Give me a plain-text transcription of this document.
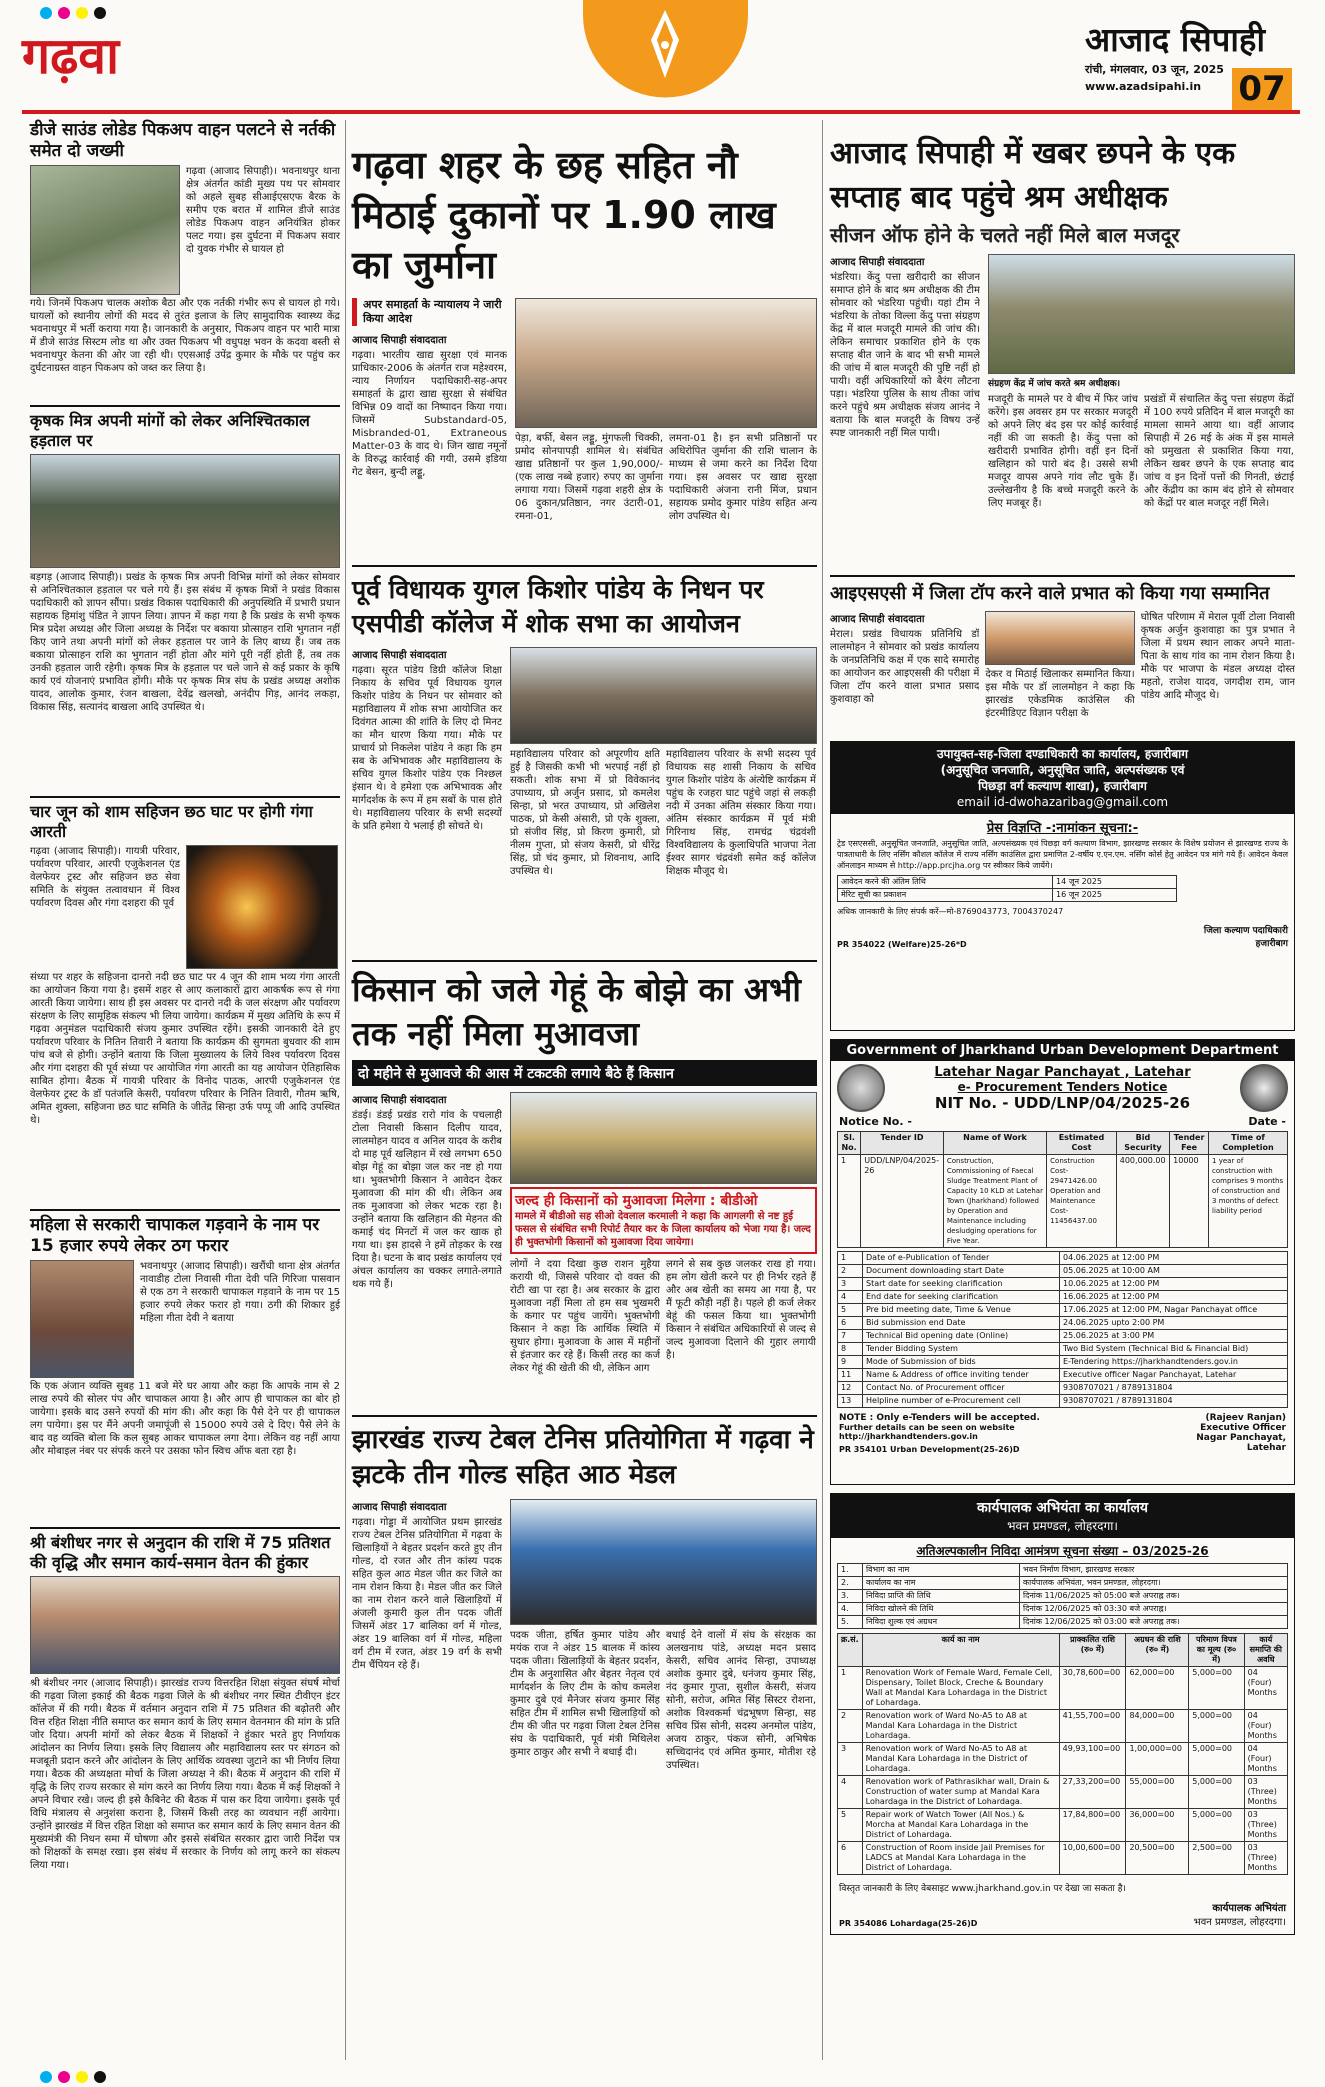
गढ़वा	आजाद सिपाही
रांची, मंगलवार, 03 जून, 2025
www.azadsipahi.in 07
डीजे साउंड लोडेड पिकअप वाहन पलटने से नर्तकी समेत दो जख्मी
गढ़वा (आजाद सिपाही)। भवनाथपुर थाना क्षेत्र अंतर्गत कांडी मुख्य पथ पर सोमवार को अहले सुबह सीआईएसएफ बैरक के समीप एक बरात में शामिल डीजे साउंड लोडेड पिकअप वाहन अनियंत्रित होकर पलट गया। इस दुर्घटना में पिकअप सवार दो युवक गंभीर से घायल हो
गये। जिनमें पिकअप चालक अशोक बैठा और एक नर्तकी गंभीर रूप से घायल हो गये। घायलों को स्थानीय लोगों की मदद से तुरंत इलाज के लिए सामुदायिक स्वास्थ्य केंद्र भवनाथपुर में भर्ती कराया गया है। जानकारी के अनुसार, पिकअप वाहन पर भारी मात्रा में डीजे साउंड सिस्टम लोड था और उक्त पिकअप भी वधुपक्ष भवन के कदवा बस्ती से भवनाथपुर केतना की ओर जा रही थी। एएसआई उपेंद्र कुमार के मौके पर पहुंच कर दुर्घटनाग्रस्त वाहन पिकअप को जब्त कर लिया है।
कृषक मित्र अपनी मांगों को लेकर अनिश्चितकाल हड़ताल पर
बड़गड़ (आजाद सिपाही)। प्रखंड के कृषक मित्र अपनी विभिन्न मांगों को लेकर सोमवार से अनिश्चितकाल हड़ताल पर चले गये हैं। इस संबंध में कृषक मित्रों ने प्रखंड विकास पदाधिकारी को ज्ञापन सौंपा। प्रखंड विकास पदाधिकारी की अनुपस्थिति में प्रभारी प्रधान सहायक हिमांशु पंडित ने ज्ञापन लिया। ज्ञापन में कहा गया है कि प्रखंड के सभी कृषक मित्र प्रदेश अध्यक्ष और जिला अध्यक्ष के निर्देश पर बकाया प्रोत्साहन राशि भुगतान नहीं किए जाने तथा अपनी मांगों को लेकर हड़ताल पर जाने के लिए बाध्य हैं। जब तक बकाया प्रोत्साहन राशि का भुगतान नहीं होता और मांगे पूरी नहीं होती हैं, तब तक उनकी हड़ताल जारी रहेगी। कृषक मित्र के हड़ताल पर चले जाने से कई प्रकार के कृषि कार्य एवं योजनाएं प्रभावित होंगी। मौके पर कृषक मित्र संघ के प्रखंड अध्यक्ष अशोक यादव, आलोक कुमार, रंजन बाखला, देवेंद्र खलखो, अनंदीप गिड़, आनंद लकड़ा, विकास सिंह, सत्यानंद बाखला आदि उपस्थित थे।
चार जून को शाम सहिजन छठ घाट पर होगी गंगा आरती
गढ़वा (आजाद सिपाही)। गायत्री परिवार, पर्यावरण परिवार, आरपी एजुकेशनल एंड वेलफेयर ट्रस्ट और सहिजन छठ सेवा समिति के संयुक्त तत्वावधान में विश्व पर्यावरण दिवस और गंगा दशहरा की पूर्व
संध्या पर शहर के सहिजना दानरो नदी छठ घाट पर 4 जून की शाम भव्य गंगा आरती का आयोजन किया गया है। इसमें शहर से आए कलाकारों द्वारा आकर्षक रूप से गंगा आरती किया जायेगा। साथ ही इस अवसर पर दानरो नदी के जल संरक्षण और पर्यावरण संरक्षण के लिए सामूहिक संकल्प भी लिया जायेगा। कार्यक्रम में मुख्य अतिथि के रूप में गढ़वा अनुमंडल पदाधिकारी संजय कुमार उपस्थित रहेंगे। इसकी जानकारी देते हुए पर्यावरण परिवार के नितिन तिवारी ने बताया कि कार्यक्रम की सुगमता बुधवार की शाम पांच बजे से होगी। उन्होंने बताया कि जिला मुख्यालय के लिये विश्व पर्यावरण दिवस और गंगा दशहरा की पूर्व संध्या पर आयोजित गंगा आरती का यह आयोजन ऐतिहासिक साबित होगा। बैठक में गायत्री परिवार के विनोद पाठक, आरपी एजुकेशनल एंड वेलफेयर ट्रस्ट के डॉ पतंजलि केसरी, पर्यावरण परिवार के नितिन तिवारी, गौतम ऋषि, अमित शुक्ला, सहिजना छठ घाट समिति के जीतेंद्र सिन्हा उर्फ पप्पू जी आदि उपस्थित थे।
महिला से सरकारी चापाकल गड़वाने के नाम पर 15 हजार रुपये लेकर ठग फरार
भवनाथपुर (आजाद सिपाही)। खरौंधी थाना क्षेत्र अंतर्गत नावाडीह टोला निवासी गीता देवी पति गिरिजा पासवान से एक ठग ने सरकारी चापाकल गड़वाने के नाम पर 15 हजार रुपये लेकर फरार हो गया। ठगी की शिकार हुई महिला गीता देवी ने बताया
कि एक अंजान व्यक्ति सुबह 11 बजे मेरे घर आया और कहा कि आपके नाम से 2 लाख रुपये की सोलर पंप और चापाकल आया है। और आप ही चापाकल का बोर हो जायेगा। इसके बाद उसने रुपयों की मांग की। और कहा कि पैसे देने पर ही चापाकल लग पायेगा। इस पर मैंने अपनी जमापूंजी से 15000 रुपये उसे दे दिए। पैसे लेने के बाद वह व्यक्ति बोला कि कल सुबह आकर चापाकल लगा देगा। लेकिन वह नहीं आया और मोबाइल नंबर पर संपर्क करने पर उसका फोन स्विच ऑफ बता रहा है।
श्री बंशीधर नगर से अनुदान की राशि में 75 प्रतिशत की वृद्धि और समान कार्य-समान वेतन की हुंकार
श्री बंशीधर नगर (आजाद सिपाही)। झारखंड राज्य वित्तरहित शिक्षा संयुक्त संघर्ष मोर्चा की गढ़वा जिला इकाई की बैठक गढ़वा जिले के श्री बंशीधर नगर स्थित टीवीएन इंटर कॉलेज में की गयी। बैठक में वर्तमान अनुदान राशि में 75 प्रतिशत की बढ़ोतरी और वित्त रहित शिक्षा नीति समाप्त कर समान कार्य के लिए समान वेतनमान की मांग के प्रति जोर दिया। अपनी मांगों को लेकर बैठक में शिक्षकों ने हुंकार भरते हुए निर्णायक आंदोलन का निर्णय लिया। इसके लिए विद्यालय और महाविद्यालय स्तर पर संगठन को मजबूती प्रदान करने और आंदोलन के लिए आर्थिक व्यवस्था जुटाने का भी निर्णय लिया गया। बैठक की अध्यक्षता मोर्चा के जिला अध्यक्ष ने की। बैठक में अनुदान की राशि में वृद्धि के लिए राज्य सरकार से मांग करने का निर्णय लिया गया। बैठक में कई शिक्षकों ने अपने विचार रखे। जल्द ही इसे कैबिनेट की बैठक में पास कर दिया जायेगा। इसके पूर्व विधि मंत्रालय से अनुशंसा कराना है, जिसमें किसी तरह का व्यवधान नहीं आयेगा। उन्होंने झारखंड में वित्त रहित शिक्षा को समाप्त कर समान कार्य के लिए समान वेतन की मुख्यमंत्री की निधन समा में घोषणा और इससे संबंधित सरकार द्वारा जारी निर्देश पत्र को शिक्षकों के समक्ष रखा। इस संबंध में सरकार के निर्णय को लागू करने का संकल्प लिया गया।
गढ़वा शहर के छह सहित नौ मिठाई दुकानों पर 1.90 लाख का जुर्माना
अपर समाहर्ता के न्यायालय ने जारी किया आदेश
आजाद सिपाही संवाददाता
गढ़वा। भारतीय खाद्य सुरक्षा एवं मानक प्राधिकार-2006 के अंतर्गत राज महेश्वरम, न्याय निर्णायन पदाधिकारी-सह-अपर समाहर्ता के द्वारा खाद्य सुरक्षा से संबंधित विभिन्न 09 वादों का निष्पादन किया गया। जिसमें Substandard-05, Misbranded-01, Extraneous Matter-03 के वाद थे। जिन खाद्य नमूनों के विरुद्ध कार्रवाई की गयी, उसमे इडिया गेट बेसन, बुन्दी लड्डू,
पेड़ा, बर्फी, बेसन लड्डू, मुंगफली चिक्की, प्रमोद सोनपापड़ी शामिल थे। संबंधित खाद्य प्रतिष्ठानों पर कुल 1,90,000/- (एक लाख नब्बे हजार) रुपए का जुर्माना लगाया गया। जिसमें गढ़वा शहरी क्षेत्र के 06 दुकान/प्रतिष्ठान, नगर उंटारी-01, रमना-01,
लमना-01 है। इन सभी प्रतिष्ठानों पर अधिरोपित जुर्माना की राशि चालान के माध्यम से जमा करने का निर्देश दिया गया। इस अवसर पर खाद्य सुरक्षा पदाधिकारी अंजना रानी मिंज, प्रधान सहायक प्रमोद कुमार पांडेय सहित अन्य लोग उपस्थित थे।
पूर्व विधायक युगल किशोर पांडेय के निधन पर एसपीडी कॉलेज में शोक सभा का आयोजन
आजाद सिपाही संवाददाता
गढ़वा। सूरत पांडेय डिग्री कॉलेज शिक्षा निकाय के सचिव पूर्व विधायक युगल किशोर पांडेय के निधन पर सोमवार को महाविद्यालय में शोक सभा आयोजित कर दिवंगत आत्मा की शांति के लिए दो मिनट का मौन धारण किया गया। मौके पर प्राचार्य प्रो निकलेश पांडेय ने कहा कि हम सब के अभिभावक और महाविद्यालय के सचिव युगल किशोर पांडेय एक निश्छल इंसान थे। वे हमेशा एक अभिभावक और मार्गदर्शक के रूप में हम सबों के पास होते थे। महाविद्यालय परिवार के सभी सदस्यों के प्रति हमेशा ये भलाई ही सोचते थे।
महाविद्यालय परिवार को अपूरणीय क्षति हुई है जिसकी कभी भी भरपाई नहीं हो सकती। शोक सभा में प्रो विवेकानंद उपाध्याय, प्रो अर्जुन प्रसाद, प्रो कमलेश सिन्हा, प्रो भरत उपाध्याय, प्रो अखिलेश पाठक, प्रो केसी अंसारी, प्रो एके शुक्ला, प्रो संजीव सिंह, प्रो किरण कुमारी, प्रो नीलम गुप्ता, प्रो संजय केसरी, प्रो धीरेंद्र सिंह, प्रो चंद कुमार, प्रो शिवनाथ, आदि उपस्थित थे।
महाविद्यालय परिवार के सभी सदस्य पूर्व विधायक सह शासी निकाय के सचिव युगल किशोर पांडेय के अंत्येष्टि कार्यक्रम में पहुंच के रजहरा घाट पहुंचे जहां से लकड़ी नदी में उनका अंतिम संस्कार किया गया। अंतिम संस्कार कार्यक्रम में पूर्व मंत्री गिरिनाथ सिंह, रामचंद्र चंद्रवंशी विश्वविद्यालय के कुलाधिपति भाजपा नेता ईश्वर सागर चंद्रवंशी समेत कई कॉलेज शिक्षक मौजूद थे।
किसान को जले गेहूं के बोझे का अभी तक नहीं मिला मुआवजा
दो महीने से मुआवजे की आस में टकटकी लगाये बैठे हैं किसान
आजाद सिपाही संवाददाता
डंडई। डंडई प्रखंड रारो गांव के पचलाही टोला निवासी किसान दिलीप यादव, लालमोहन यादव व अनिल यादव के करीब दो माह पूर्व खलिहान में रखे लगभग 650 बोझ गेहूं का बोझा जल कर नष्ट हो गया था। भुक्तभोगी किसान ने आवेदन देकर मुआवजा की मांग की थी। लेकिन अब तक मुआवजा को लेकर भटक रहा है। उन्होंने बताया कि खलिहान की मेहनत की कमाई चंद मिनटों में जल कर खाक हो गया था। इस हादसे ने हमें तोड़कर के रख दिया है। घटना के बाद प्रखंड कार्यालय एवं अंचल कार्यालय का चक्कर लगाते-लगाते थक गये हैं।
जल्द ही किसानों को मुआवजा मिलेगा : बीडीओ
मामले में बीडीओ सह सीओ देवलाल करमाली ने कहा कि आगलगी से नष्ट हुई फसल से संबंधित सभी रिपोर्ट तैयार कर के जिला कार्यालय को भेजा गया है। जल्द ही भुक्तभोगी किसानों को मुआवजा दिया जायेगा।
लोगों ने दया दिखा कुछ राशन मुहैया करायी थी, जिससे परिवार दो वक्त की रोटी खा पा रहा है। अब सरकार के द्वारा मुआवजा नहीं मिला तो हम सब भुखमरी के कगार पर पहुंच जायेंगे। भुक्तभोगी किसान ने कहा कि आर्थिक स्थिति में सुधार होगा। मुआवजा के आस में महीनों से इंतजार कर रहे हैं। किसी तरह का कर्ज लेकर गेहूं की खेती की थी, लेकिन आग
लगने से सब कुछ जलकर राख हो गया। हम लोग खेती करने पर ही निर्भर रहते हैं और अब खेती का समय आ गया है, पर मैं फूटी कौड़ी नहीं है। पहले ही कर्ज लेकर बेहूं की फसल किया था। भुक्तभोगी किसान ने संबंधित अधिकारियों से जल्द से जल्द मुआवजा दिलाने की गुहार लगायी है।
झारखंड राज्य टेबल टेनिस प्रतियोगिता में गढ़वा ने झटके तीन गोल्ड सहित आठ मेडल
आजाद सिपाही संवाददाता
गढ़वा। गोड्डा में आयोजित प्रथम झारखंड राज्य टेबल टेनिस प्रतियोगिता में गढ़वा के खिलाड़ियों ने बेहतर प्रदर्शन करते हुए तीन गोल्ड, दो रजत और तीन कांस्य पदक सहित कुल आठ मेडल जीत कर जिले का नाम रोशन किया है। मेडल जीत कर जिले का नाम रोशन करने वाले खिलाड़ियों में अंजली कुमारी कुल तीन पदक जीतीं जिसमें अंडर 17 बालिका वर्ग में गोल्ड, अंडर 19 बालिका वर्ग में गोल्ड, महिला वर्ग टीम में रजत, अंडर 19 वर्ग के सभी टीम चैंपियन रहे हैं।
पदक जीता, हर्षित कुमार पांडेय और मयंक राज ने अंडर 15 बालक में कांस्य पदक जीता। खिलाड़ियों के बेहतर प्रदर्शन, टीम के अनुशासित और बेहतर नेतृत्व एवं मार्गदर्शन के लिए टीम के कोच कमलेश कुमार दुबे एवं मैनेजर संजय कुमार सिंह सहित टीम में शामिल सभी खिलाड़ियों को टीम की जीत पर गढ़वा जिला टेबल टेनिस संघ के पदाधिकारी, पूर्व मंत्री मिथिलेश कुमार ठाकुर और सभी ने बधाई दी।
बधाई देने वालों में संघ के संरक्षक का अलखनाथ पांडे, अध्यक्ष मदन प्रसाद केसरी, सचिव आनंद सिन्हा, उपाध्यक्ष अशोक कुमार दुबे, धनंजय कुमार सिंह, नंद कुमार गुप्ता, सुशील केसरी, संजय सोनी, सरोज, अमित सिंह सिस्टर रोशना, अशोक विश्वकर्मा चंद्रभूषण सिन्हा, सह सचिव प्रिंस सोनी, सदस्य अनमोल पांडेय, अजय ठाकुर, पंकज सोनी, अभिषेक सच्चिदानंद एवं अमित कुमार, मोतीश रहे उपस्थित।
आजाद सिपाही में खबर छपने के एक सप्ताह बाद पहुंचे श्रम अधीक्षक
सीजन ऑफ होने के चलते नहीं मिले बाल मजदूर
आजाद सिपाही संवाददाता
भंडरिया। केंदु पत्ता खरीदारी का सीजन समाप्त होने के बाद श्रम अधीक्षक की टीम सोमवार को भंडरिया पहुंची। यहां टीम ने भंडरिया के तोका विल्ला केंदु पत्ता संग्रहण केंद्र में बाल मजदूरी मामले की जांच की। लेकिन समाचार प्रकाशित होने के एक सप्ताह बीत जाने के बाद भी सभी मामले की जांच में बाल मजदूरी की पुष्टि नहीं हो पायी। वहीं अधिकारियों को बैरंग लौटना पड़ा। भंडरिया पुलिस के साथ तीका जांच करने पहुंचे श्रम अधीक्षक संजय आनंद ने बताया कि बाल मजदूरी के विषय उन्हें स्पष्ट जानकारी नहीं मिल पायी।
संग्रहण केंद्र में जांच करते श्रम अधीक्षक।
मजदूरी के मामले पर वे बीच में फिर जांच करेंगे। इस अवसर हम पर सरकार मजदूरी को अपने लिए बंद इस पर कोई कार्रवाई नहीं की जा सकती है। केंदु पत्ता को खरीदारी प्रभावित होगी। वहीं इन दिनों खलिहान को पारो बंद है। उससे सभी मजदूर वापस अपने गांव लौट चुके हैं। उल्लेखनीय है कि बच्चे मजदूरी करने के लिए मजबूर हैं।
प्रखंडों में संचालित केंदु पत्ता संग्रहण केंद्रों में 100 रुपये प्रतिदिन में बाल मजदूरी का मामला सामने आया था। वहीं आजाद सिपाही में 26 मई के अंक में इस मामले को प्रमुखता से प्रकाशित किया गया, लेकिन खबर छपने के एक सप्ताह बाद जांच व इन दिनों पत्तों की गिनती, छंटाई और केंद्रीय का काम बंद होने से सोमवार को केंद्रों पर बाल मजदूर नहीं मिले।
आइएसएसी में जिला टॉप करने वाले प्रभात को किया गया सम्मानित
आजाद सिपाही संवाददाता
मेराल। प्रखंड विधायक प्रतिनिधि डॉ लालमोहन ने सोमवार को प्रखंड कार्यालय के जनप्रतिनिधि कक्ष में एक सादे समारोह का आयोजन कर आइएससी की परीक्षा में जिला टॉप करने वाला प्रभात प्रसाद कुशवाहा को
देकर व मिठाई खिलाकर सम्मानित किया। इस मौके पर डॉ लालमोहन ने कहा कि झारखंड एकेडमिक काउंसिल की इंटरमीडिएट विज्ञान परीक्षा के
घोषित परिणाम में मेराल पूर्वी टोला निवासी कृषक अर्जुन कुशवाहा का पुत्र प्रभात ने जिला में प्रथम स्थान लाकर अपने माता-पिता के साथ गांव का नाम रोशन किया है। मौके पर भाजपा के मंडल अध्यक्ष दोस्त महतो, राजेश यादव, जगदीश राम, जान पांडेय आदि मौजूद थे।
उपायुक्त-सह-जिला दण्डाधिकारी का कार्यालय, हजारीबाग
(अनुसूचित जनजाति, अनुसूचित जाति, अल्पसंख्यक एवं
पिछड़ा वर्ग कल्याण शाखा), हजारीबाग
email id-dwohazaribag@gmail.com
प्रेस विज्ञप्ति -:नामांकन सूचना:-
ट्रेड एसएससी, अनुसूचित जनजाति, अनुसूचित जाति, अल्पसंख्यक एवं पिछड़ा वर्ग कल्याण विभाग, झारखण्ड सरकार के विशेष प्रयोजन से झारखण्ड राज्य के पात्रताधारी के लिए नर्सिंग कौशल कॉलेज में राज्य नर्सिंग काउंसिल द्वारा प्रमाणित 2-वर्षीय ए.एन.एम. नर्सिंग कोर्स हेतु आवेदन पत्र मांगे गये हैं। आवेदन केवल ऑनलाइन माध्यम से http://app.prcjha.org पर स्वीकार किये जायेंगे।
आवेदन करने की अंतिम तिथि	14 जून 2025
मेरिट सूची का प्रकाशन	16 जून 2025
अधिक जानकारी के लिए संपर्क करें—मो-8769043773, 7004370247
PR 354022 (Welfare)25-26*D
जिला कल्याण पदाधिकारी
हजारीबाग
Government of Jharkhand Urban Development Department
Latehar Nagar Panchayat , Latehar
e- Procurement Tenders Notice
NIT No. - UDD/LNP/04/2025-26
Notice No. -	Date -
Sl. No.	Tender ID	Name of Work	Estimated Cost	Bid Security	Tender Fee	Time of Completion
1	UDD/LNP/04/2025-26	Construction, Commissioning of Faecal Sludge Treatment Plant of Capacity 10 KLD at Latehar Town (Jharkhand) followed by Operation and Maintenance including desludging operations for Five Year.	Construction Cost- 29471426.00 Operation and Maintenance Cost- 11456437.00	400,000.00	10000	1 year of construction with comprises 9 months of construction and 3 months of defect liability period
1	Date of e-Publication of Tender	04.06.2025 at 12:00 PM
2	Document downloading start Date	05.06.2025 at 10:00 AM
3	Start date for seeking clarification	10.06.2025 at 12:00 PM
4	End date for seeking clarification	16.06.2025 at 12:00 PM
5	Pre bid meeting date, Time & Venue	17.06.2025 at 12:00 PM, Nagar Panchayat office
6	Bid submission end Date	24.06.2025 upto 2:00 PM
7	Technical Bid opening date (Online)	25.06.2025 at 3:00 PM
8	Tender Bidding System	Two Bid System (Technical Bid & Financial Bid)
9	Mode of Submission of bids	E-Tendering https://jharkhandtenders.gov.in
11	Name & Address of office inviting tender	Executive officer Nagar Panchayat, Latehar
12	Contact No. of Procurement officer	9308707021 / 8789131804
13	Helpline number of e-Procurement cell	9308707021 / 8789131804
NOTE : Only e-Tenders will be accepted.
Further details can be seen on website http://jharkhandtenders.gov.in
PR 354101 Urban Development(25-26)D
(Rajeev Ranjan)
Executive Officer
Nagar Panchayat, Latehar
कार्यपालक अभियंता का कार्यालय
भवन प्रमण्डल, लोहरदगा।
अतिअल्पकालीन निविदा आमंत्रण सूचना संख्या – 03/2025-26
1.	विभाग का नाम	भवन निर्माण विभाग, झारखण्ड सरकार
2.	कार्यालय का नाम	कार्यपालक अभियंता, भवन प्रमण्डल, लोहरदगा।
3.	निविदा प्राप्ति की तिथि	दिनांक 11/06/2025 को 05:00 बजे अपराह्न तक।
4.	निविदा खोलने की तिथि	दिनांक 12/06/2025 को 03:30 बजे अपराह्न।
5.	निविदा शुल्क एवं अग्रधन	दिनांक 12/06/2025 को 03:00 बजे अपराह्न तक।
क्र.सं.	कार्य का नाम	प्राक्कलित राशि (रु० में)	अग्रधन की राशि (रु० में)	परिमाण विपत्र का मूल्य (रु० में)	कार्य समाप्ति की अवधि
1	Renovation Work of Female Ward, Female Cell, Dispensary, Toilet Block, Creche & Boundary Wall at Mandal Kara Lohardaga in the District of Lohardaga.	30,78,600=00	62,000=00	5,000=00	04 (Four) Months
2	Renovation work of Ward No-A5 to A8 at Mandal Kara Lohardaga in the District Lohardaga.	41,55,700=00	84,000=00	5,000=00	04 (Four) Months
3	Renovation work of Ward No-A5 to A8 at Mandal Kara Lohardaga in the District of Lohardaga.	49,93,100=00	1,00,000=00	5,000=00	04 (Four) Months
4	Renovation work of Pathrasikhar wall, Drain & Construction of water sump at Mandal Kara Lohardaga in the District of Lohardaga.	27,33,200=00	55,000=00	5,000=00	03 (Three) Months
5	Repair work of Watch Tower (All Nos.) & Morcha at Mandal Kara Lohardaga in the District of Lohardaga.	17,84,800=00	36,000=00	5,000=00	03 (Three) Months
6	Construction of Room inside Jail Premises for LADCS at Mandal Kara Lohardaga in the District of Lohardaga.	10,00,600=00	20,500=00	2,500=00	03 (Three) Months
विस्तृत जानकारी के लिए वेबसाइट www.jharkhand.gov.in पर देखा जा सकता है।
PR 354086 Lohardaga(25-26)D
कार्यपालक अभियंता
भवन प्रमण्डल, लोहरदगा।
